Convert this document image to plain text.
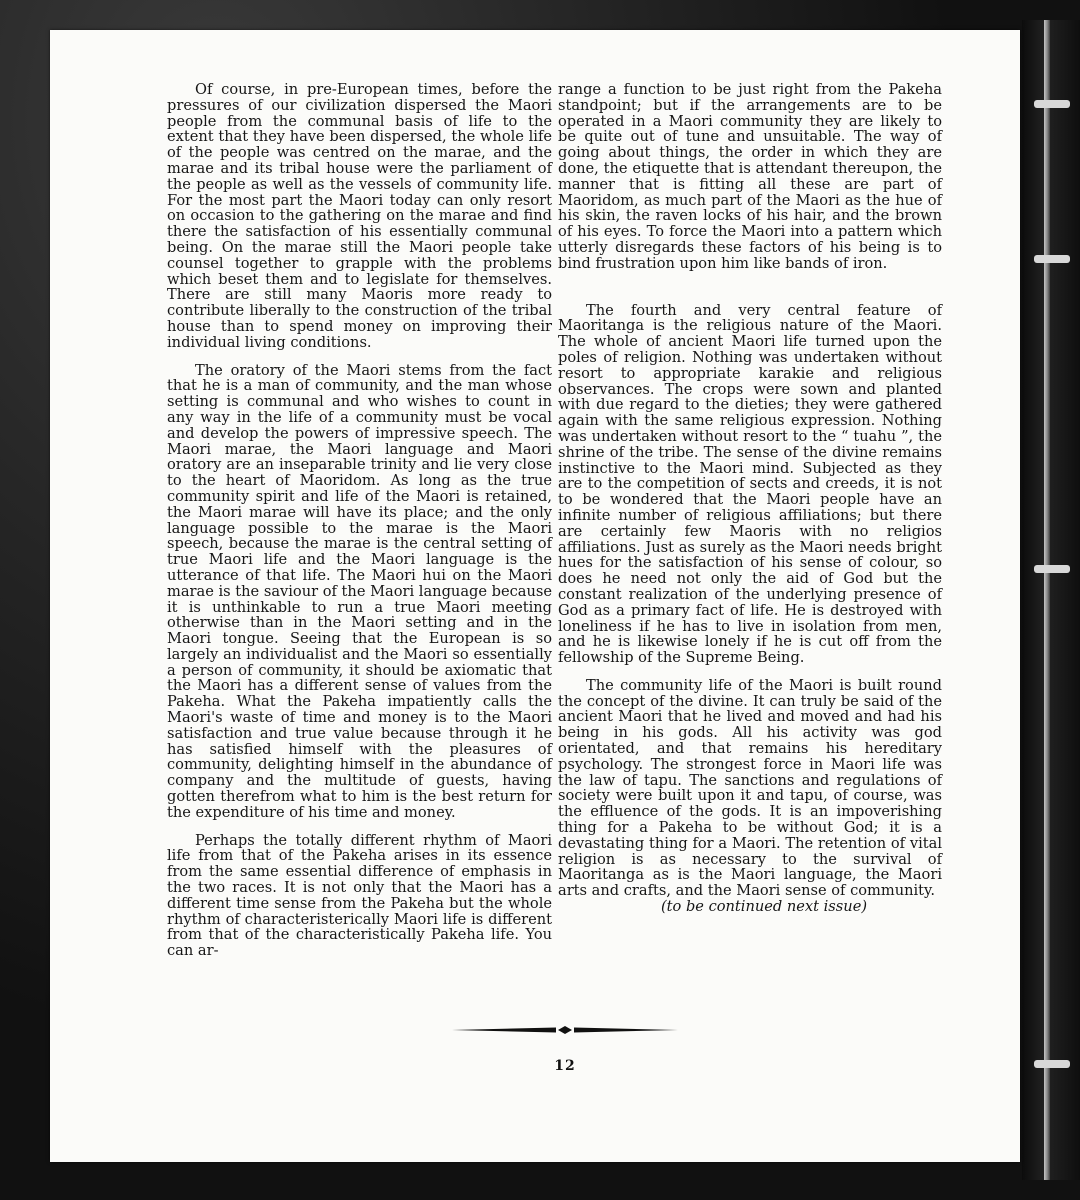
Of course, in pre-European times, before the pressures of our civilization dispersed the Maori people from the communal basis of life to the extent that they have been dispersed, the whole life of the people was centred on the marae, and the marae and its tribal house were the parliament of the people as well as the vessels of community life. For the most part the Maori today can only resort on occasion to the gathering on the marae and find there the satisfaction of his essentially communal being. On the marae still the Maori people take counsel together to grapple with the problems which beset them and to legislate for themselves. There are still many Maoris more ready to contribute liberally to the construction of the tribal house than to spend money on improving their individual living conditions.

The oratory of the Maori stems from the fact that he is a man of community, and the man whose setting is communal and who wishes to count in any way in the life of a community must be vocal and develop the powers of impressive speech. The Maori marae, the Maori language and Maori oratory are an inseparable trinity and lie very close to the heart of Maoridom. As long as the true community spirit and life of the Maori is retained, the Maori marae will have its place; and the only language possible to the marae is the Maori speech, because the marae is the central setting of true Maori life and the Maori language is the utterance of that life. The Maori hui on the Maori marae is the saviour of the Maori language because it is unthinkable to run a true Maori meeting otherwise than in the Maori setting and in the Maori tongue. Seeing that the European is so largely an individualist and the Maori so essentially a person of community, it should be axiomatic that the Maori has a different sense of values from the Pakeha. What the Pakeha impatiently calls the Maori's waste of time and money is to the Maori satisfaction and true value because through it he has satisfied himself with the pleasures of community, delighting himself in the abundance of company and the multitude of guests, having gotten therefrom what to him is the best return for the expenditure of his time and money.

Perhaps the totally different rhythm of Maori life from that of the Pakeha arises in its essence from the same essential difference of emphasis in the two races. It is not only that the Maori has a different time sense from the Pakeha but the whole rhythm of characteristerically Maori life is different from that of the characteristically Pakeha life. You can ar-

range a function to be just right from the Pakeha standpoint; but if the arrangements are to be operated in a Maori community they are likely to be quite out of tune and unsuitable. The way of going about things, the order in which they are done, the etiquette that is attendant thereupon, the manner that is fitting all these are part of Maoridom, as much part of the Maori as the hue of his skin, the raven locks of his hair, and the brown of his eyes. To force the Maori into a pattern which utterly disregards these factors of his being is to bind frustration upon him like bands of iron.

The fourth and very central feature of Maoritanga is the religious nature of the Maori. The whole of ancient Maori life turned upon the poles of religion. Nothing was undertaken without resort to appropriate karakie and religious observances. The crops were sown and planted with due regard to the dieties; they were gathered again with the same religious expression. Nothing was undertaken without resort to the “ tuahu ”, the shrine of the tribe. The sense of the divine remains instinctive to the Maori mind. Subjected as they are to the competition of sects and creeds, it is not to be wondered that the Maori people have an infinite number of religious affiliations; but there are certainly few Maoris with no religios affiliations. Just as surely as the Maori needs bright hues for the satisfaction of his sense of colour, so does he need not only the aid of God but the constant realization of the underlying presence of God as a primary fact of life. He is destroyed with loneliness if he has to live in isolation from men, and he is likewise lonely if he is cut off from the fellowship of the Supreme Being.

The community life of the Maori is built round the concept of the divine. It can truly be said of the ancient Maori that he lived and moved and had his being in his gods. All his activity was god orientated, and that remains his hereditary psychology. The strongest force in Maori life was the law of tapu. The sanctions and regulations of society were built upon it and tapu, of course, was the effluence of the gods. It is an impoverishing thing for a Pakeha to be without God; it is a devastating thing for a Maori. The retention of vital religion is as necessary to the survival of Maoritanga as is the Maori language, the Maori arts and crafts, and the Maori sense of community.

(to be continued next issue)

12
